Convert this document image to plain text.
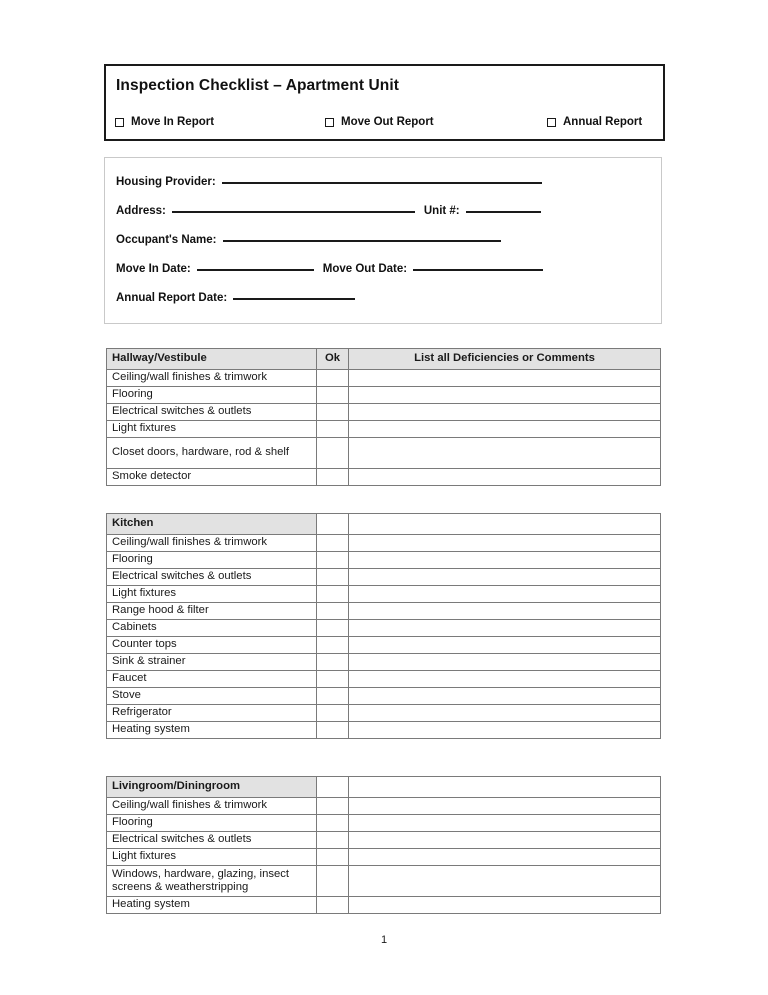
Inspection Checklist – Apartment Unit
Move In Report	Move Out Report	Annual Report
Housing Provider:
Address:	Unit #:
Occupant's Name:
Move In Date:	Move Out Date:
Annual Report Date:
Hallway/Vestibule	Ok	List all Deficiencies or Comments
Ceiling/wall finishes & trimwork		
Flooring		
Electrical switches & outlets		
Light fixtures		
Closet doors, hardware, rod & shelf		
Smoke detector		
Kitchen		
Ceiling/wall finishes & trimwork		
Flooring		
Electrical switches & outlets		
Light fixtures		
Range hood & filter		
Cabinets		
Counter tops		
Sink & strainer		
Faucet		
Stove		
Refrigerator		
Heating system		
Livingroom/Diningroom		
Ceiling/wall finishes & trimwork		
Flooring		
Electrical switches & outlets		
Light fixtures		
Windows, hardware, glazing, insect screens & weatherstripping		
Heating system		
1
